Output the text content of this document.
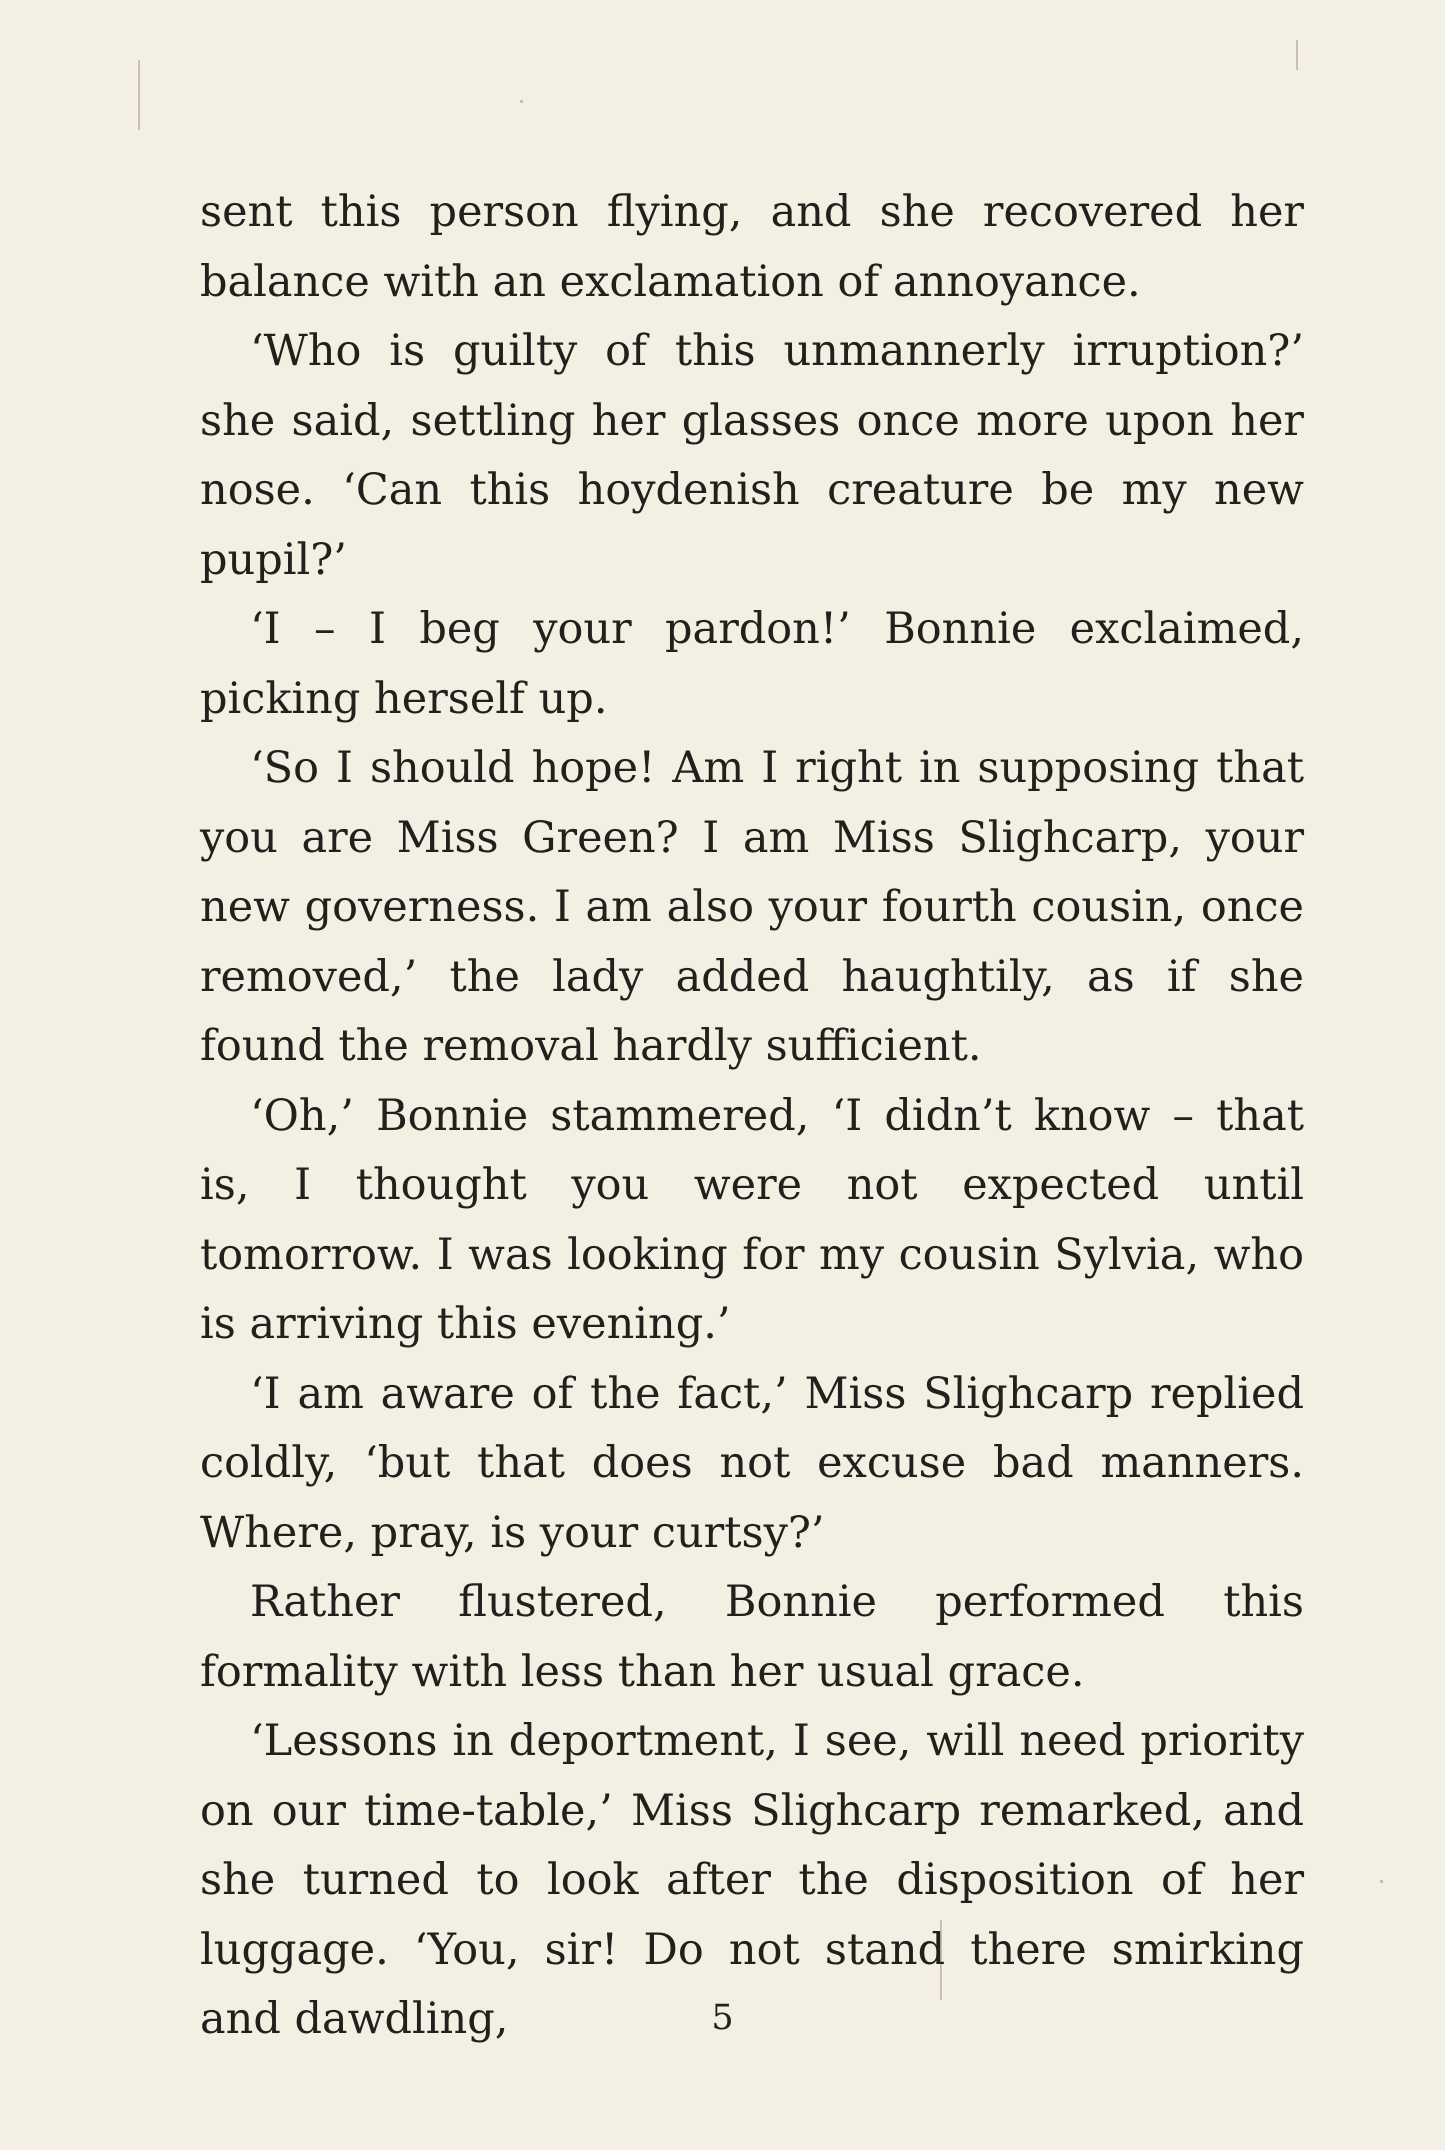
sent this person flying, and she recovered her balance with an exclamation of annoyance.

‘Who is guilty of this unmannerly irruption?’ she said, settling her glasses once more upon her nose. ‘Can this hoydenish creature be my new pupil?’

‘I – I beg your pardon!’ Bonnie exclaimed, picking herself up.

‘So I should hope! Am I right in supposing that you are Miss Green? I am Miss Slighcarp, your new governess. I am also your fourth cousin, once removed,’ the lady added haughtily, as if she found the removal hardly sufficient.

‘Oh,’ Bonnie stammered, ‘I didn’t know – that is, I thought you were not expected until tomorrow. I was looking for my cousin Sylvia, who is arriving this evening.’

‘I am aware of the fact,’ Miss Slighcarp replied coldly, ‘but that does not excuse bad manners. Where, pray, is your curtsy?’

Rather flustered, Bonnie performed this formality with less than her usual grace.

‘Lessons in deportment, I see, will need priority on our time-table,’ Miss Slighcarp remarked, and she turned to look after the disposition of her luggage. ‘You, sir! Do not stand there smirking and dawdling,	5
